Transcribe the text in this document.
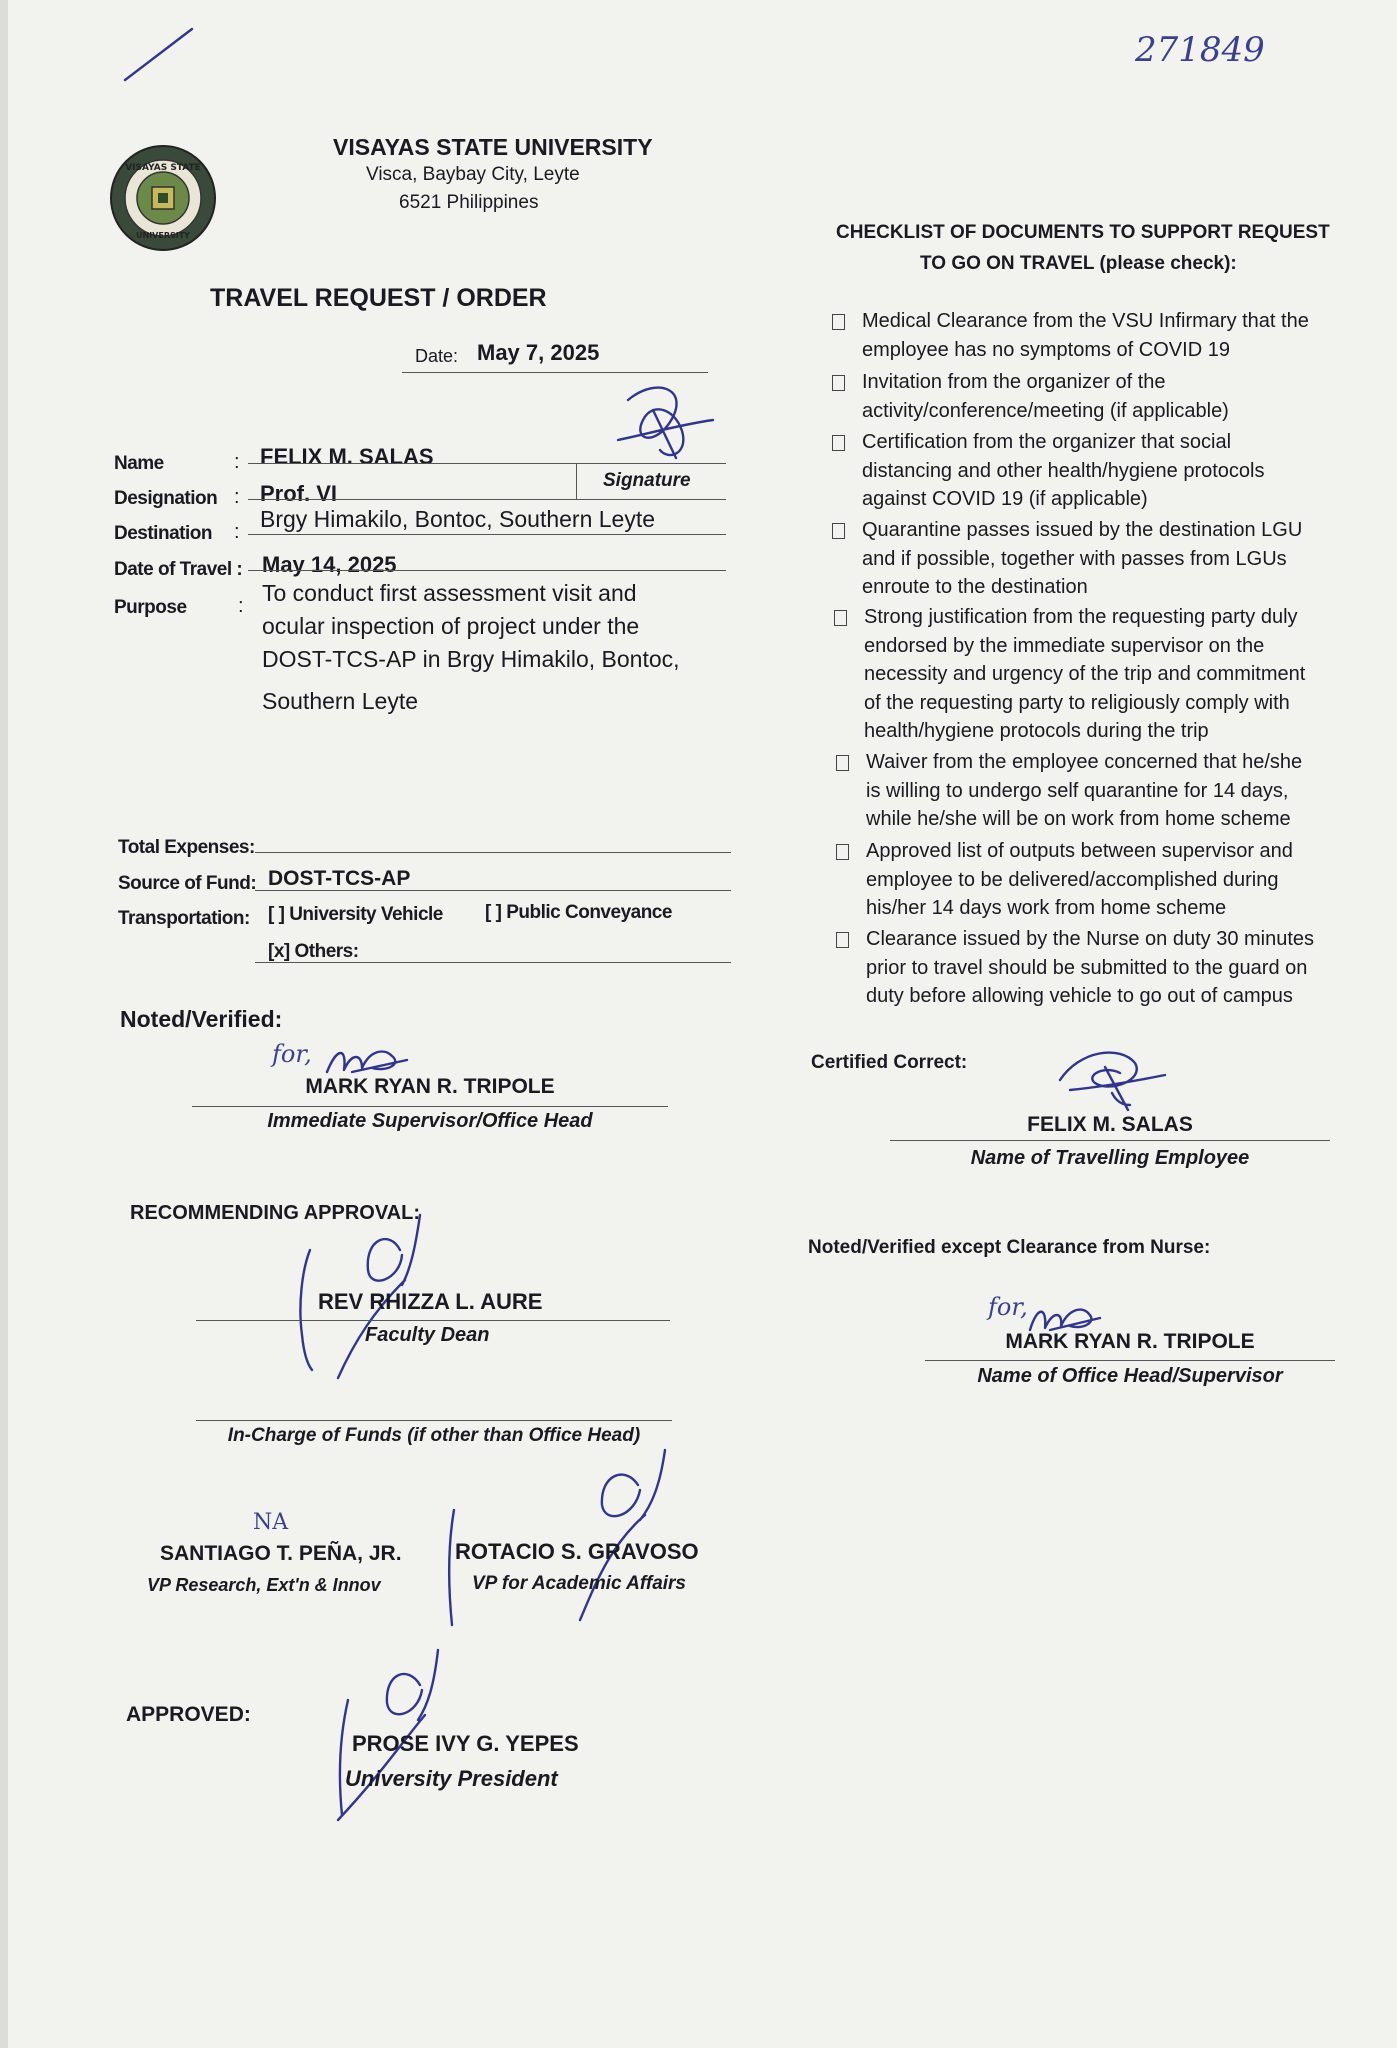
271849
VISAYAS STATE
UNIVERSITY
VISAYAS STATE UNIVERSITY
Visca, Baybay City, Leyte
6521 Philippines
TRAVEL REQUEST / ORDER
Date: May 7, 2025
Name	: FELIX M. SALAS
Signature
Designation : Prof. VI
Destination : Brgy Himakilo, Bontoc, Southern Leyte
Date of Travel : May 14, 2025
Purpose	: To conduct first assessment visit and
ocular inspection of project under the
DOST-TCS-AP in Brgy Himakilo, Bontoc,
Southern Leyte
Total Expenses:
Source of Fund: DOST-TCS-AP
Transportation: [ ] University Vehicle [ ] Public Conveyance
[x] Others:
CHECKLIST OF DOCUMENTS TO SUPPORT REQUEST
TO GO ON TRAVEL (please check):
Medical Clearance from the VSU Infirmary that the
employee has no symptoms of COVID 19
Invitation from the organizer of the
activity/conference/meeting (if applicable)
Certification from the organizer that social
distancing and other health/hygiene protocols
against COVID 19 (if applicable)
Quarantine passes issued by the destination LGU
and if possible, together with passes from LGUs
enroute to the destination
Strong justification from the requesting party duly
endorsed by the immediate supervisor on the
necessity and urgency of the trip and commitment
of the requesting party to religiously comply with
health/hygiene protocols during the trip
Waiver from the employee concerned that he/she
is willing to undergo self quarantine for 14 days,
while he/she will be on work from home scheme
Approved list of outputs between supervisor and
employee to be delivered/accomplished during
his/her 14 days work from home scheme
Clearance issued by the Nurse on duty 30 minutes
prior to travel should be submitted to the guard on
duty before allowing vehicle to go out of campus
Noted/Verified:
for,
MARK RYAN R. TRIPOLE
Immediate Supervisor/Office Head
RECOMMENDING APPROVAL:
REV RHIZZA L. AURE
Faculty Dean
In-Charge of Funds (if other than Office Head)
NA
SANTIAGO T. PEÑA, JR.
VP Research, Ext'n & Innov
ROTACIO S. GRAVOSO
VP for Academic Affairs
APPROVED:
PROSE IVY G. YEPES
University President
Certified Correct:
FELIX M. SALAS
Name of Travelling Employee
Noted/Verified except Clearance from Nurse:
for,
MARK RYAN R. TRIPOLE
Name of Office Head/Supervisor
